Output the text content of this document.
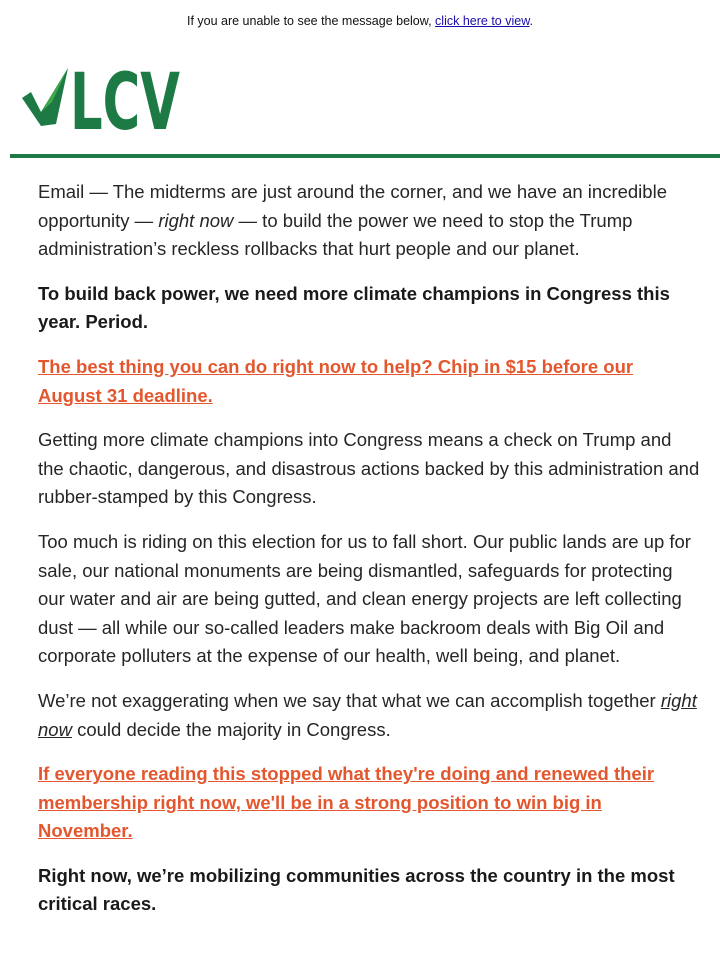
If you are unable to see the message below, click here to view.
LCV

Email — The midterms are just around the corner, and we have an incredible opportunity — right now — to build the power we need to stop the Trump administration’s reckless rollbacks that hurt people and our planet.

To build back power, we need more climate champions in Congress this year. Period.

The best thing you can do right now to help? Chip in $15 before our August 31 deadline.

Getting more climate champions into Congress means a check on Trump and the chaotic, dangerous, and disastrous actions backed by this administration and rubber-stamped by this Congress.

Too much is riding on this election for us to fall short. Our public lands are up for sale, our national monuments are being dismantled, safeguards for protecting our water and air are being gutted, and clean energy projects are left collecting dust — all while our so-called leaders make backroom deals with Big Oil and corporate polluters at the expense of our health, well being, and planet.

We’re not exaggerating when we say that what we can accomplish together right now could decide the majority in Congress.

If everyone reading this stopped what they're doing and renewed their membership right now, we'll be in a strong position to win big in November.

Right now, we’re mobilizing communities across the country in the most critical races.
